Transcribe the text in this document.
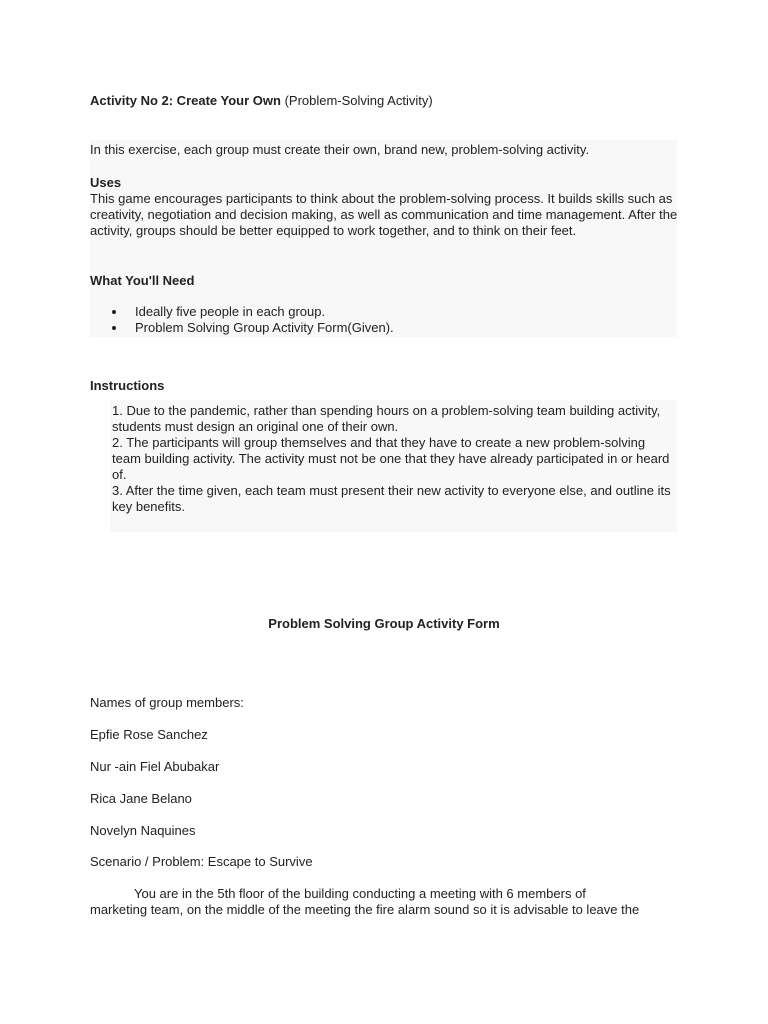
Activity No 2: Create Your Own (Problem-Solving Activity)
In this exercise, each group must create their own, brand new, problem-solving activity.
Uses
This game encourages participants to think about the problem-solving process. It builds skills such as creativity, negotiation and decision making, as well as communication and time management. After the activity, groups should be better equipped to work together, and to think on their feet.
What You'll Need
Ideally five people in each group.
Problem Solving Group Activity Form(Given).
Instructions

1. Due to the pandemic, rather than spending hours on a problem-solving team building activity, students must design an original one of their own.

2. The participants will group themselves and that they have to create a new problem-solving team building activity. The activity must not be one that they have already participated in or heard of.

3. After the time given, each team must present their new activity to everyone else, and outline its key benefits.

Problem Solving Group Activity Form
Names of group members:
Epfie Rose Sanchez
Nur -ain Fiel Abubakar
Rica Jane Belano
Novelyn Naquines
Scenario / Problem: Escape to Survive
You are in the 5th floor of the building conducting a meeting with 6 members of
marketing team, on the middle of the meeting the fire alarm sound so it is advisable to leave the
